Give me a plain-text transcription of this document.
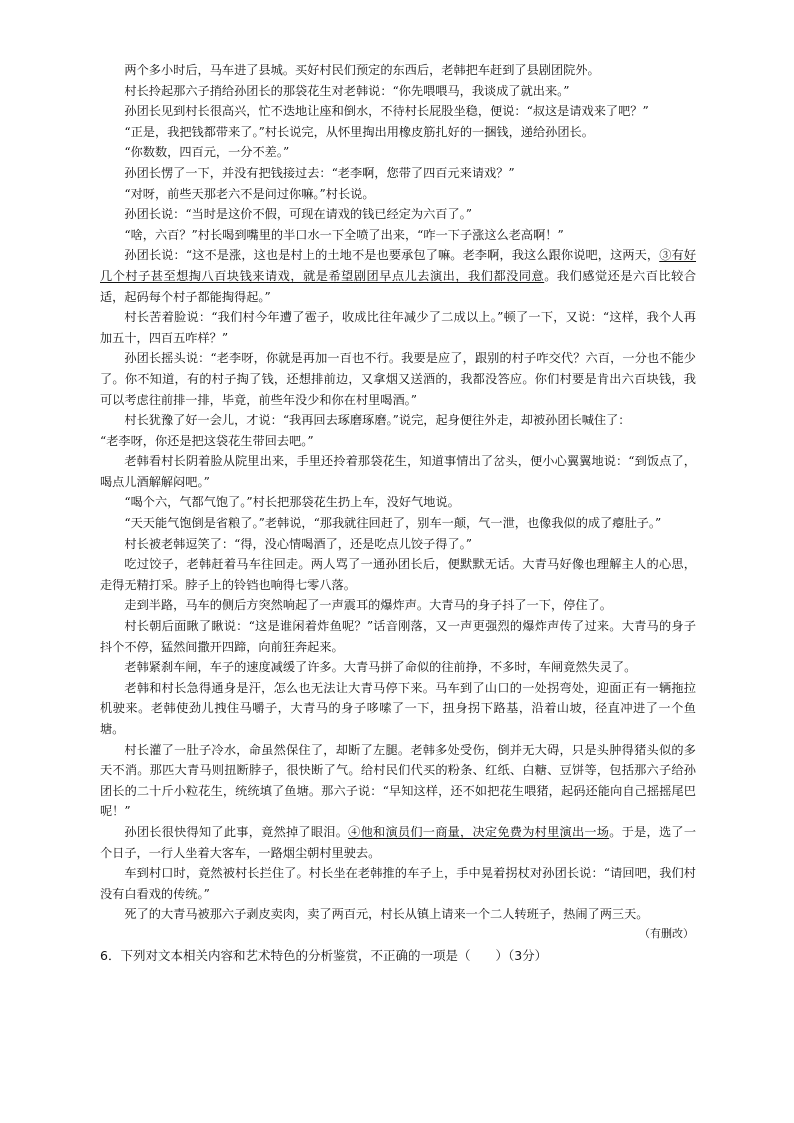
两个多小时后，马车进了县城。买好村民们预定的东西后，老韩把车赶到了县剧团院外。

村长拎起那六子捎给孙团长的那袋花生对老韩说：“你先喂喂马，我谈成了就出来。”

孙团长见到村长很高兴，忙不迭地让座和倒水，不待村长屁股坐稳，便说：“叔这是请戏来了吧？”

“正是，我把钱都带来了。”村长说完，从怀里掏出用橡皮筋扎好的一捆钱，递给孙团长。

“你数数，四百元，一分不差。”

孙团长愣了一下，并没有把钱接过去：“老李啊，您带了四百元来请戏？”

“对呀，前些天那老六不是问过你嘛。”村长说。

孙团长说：“当时是这价不假，可现在请戏的钱已经定为六百了。”

“啥，六百？”村长喝到嘴里的半口水一下全喷了出来，“咋一下子涨这么老高啊！”

孙团长说：“这不是涨，这也是村上的土地不是也要承包了嘛。老李啊，我这么跟你说吧，这两天，③有好几个村子甚至想掏八百块钱来请戏，就是希望剧团早点儿去演出，我们都没同意。我们感觉还是六百比较合适，起码每个村子都能掏得起。”

村长苦着脸说：“我们村今年遭了雹子，收成比往年减少了二成以上。”顿了一下，又说：“这样，我个人再加五十，四百五咋样？”

孙团长摇头说：“老李呀，你就是再加一百也不行。我要是应了，跟别的村子咋交代？六百，一分也不能少了。你不知道，有的村子掏了钱，还想排前边，又拿烟又送酒的，我都没答应。你们村要是肯出六百块钱，我可以考虑往前排一排，毕竟，前些年没少和你在村里喝酒。”

村长犹豫了好一会儿，才说：“我再回去琢磨琢磨。”说完，起身便往外走，却被孙团长喊住了：

“老李呀，你还是把这袋花生带回去吧。”

老韩看村长阴着脸从院里出来，手里还拎着那袋花生，知道事情出了岔头，便小心翼翼地说：“到饭点了，喝点儿酒解解闷吧。”

“喝个六，气都气饱了。”村长把那袋花生扔上车，没好气地说。

“天天能气饱倒是省粮了。”老韩说，“那我就往回赶了，别车一颠，气一泄，也像我似的成了瘪肚子。”

村长被老韩逗笑了：“得，没心情喝酒了，还是吃点儿饺子得了。”

吃过饺子，老韩赶着马车往回走。两人骂了一通孙团长后，便默默无话。大青马好像也理解主人的心思，走得无精打采。脖子上的铃铛也响得七零八落。

走到半路，马车的侧后方突然响起了一声震耳的爆炸声。大青马的身子抖了一下，停住了。

村长朝后面瞅了瞅说：“这是谁闲着炸鱼呢？”话音刚落，又一声更强烈的爆炸声传了过来。大青马的身子抖个不停，猛然间撒开四蹄，向前狂奔起来。

老韩紧刹车闸，车子的速度减缓了许多。大青马拼了命似的往前挣，不多时，车闸竟然失灵了。

老韩和村长急得通身是汗，怎么也无法让大青马停下来。马车到了山口的一处拐弯处，迎面正有一辆拖拉机驶来。老韩使劲儿拽住马嚼子，大青马的身子哆嗦了一下，扭身拐下路基，沿着山坡，径直冲进了一个鱼塘。

村长灌了一肚子冷水，命虽然保住了，却断了左腿。老韩多处受伤，倒并无大碍，只是头肿得猪头似的多天不消。那匹大青马则扭断脖子，很快断了气。给村民们代买的粉条、红纸、白糖、豆饼等，包括那六子给孙团长的二十斤小粒花生，统统填了鱼塘。那六子说：“早知这样，还不如把花生喂猪，起码还能向自己摇摇尾巴呢！”

孙团长很快得知了此事，竟然掉了眼泪。④他和演员们一商量，决定免费为村里演出一场。于是，选了一个日子，一行人坐着大客车，一路烟尘朝村里驶去。

车到村口时，竟然被村长拦住了。村长坐在老韩推的车子上，手中晃着拐杖对孙团长说：“请回吧，我们村没有白看戏的传统。”

死了的大青马被那六子剥皮卖肉，卖了两百元，村长从镇上请来一个二人转班子，热闹了两三天。

（有删改）

6．下列对文本相关内容和艺术特色的分析鉴赏，不正确的一项是（　　）（3分）
